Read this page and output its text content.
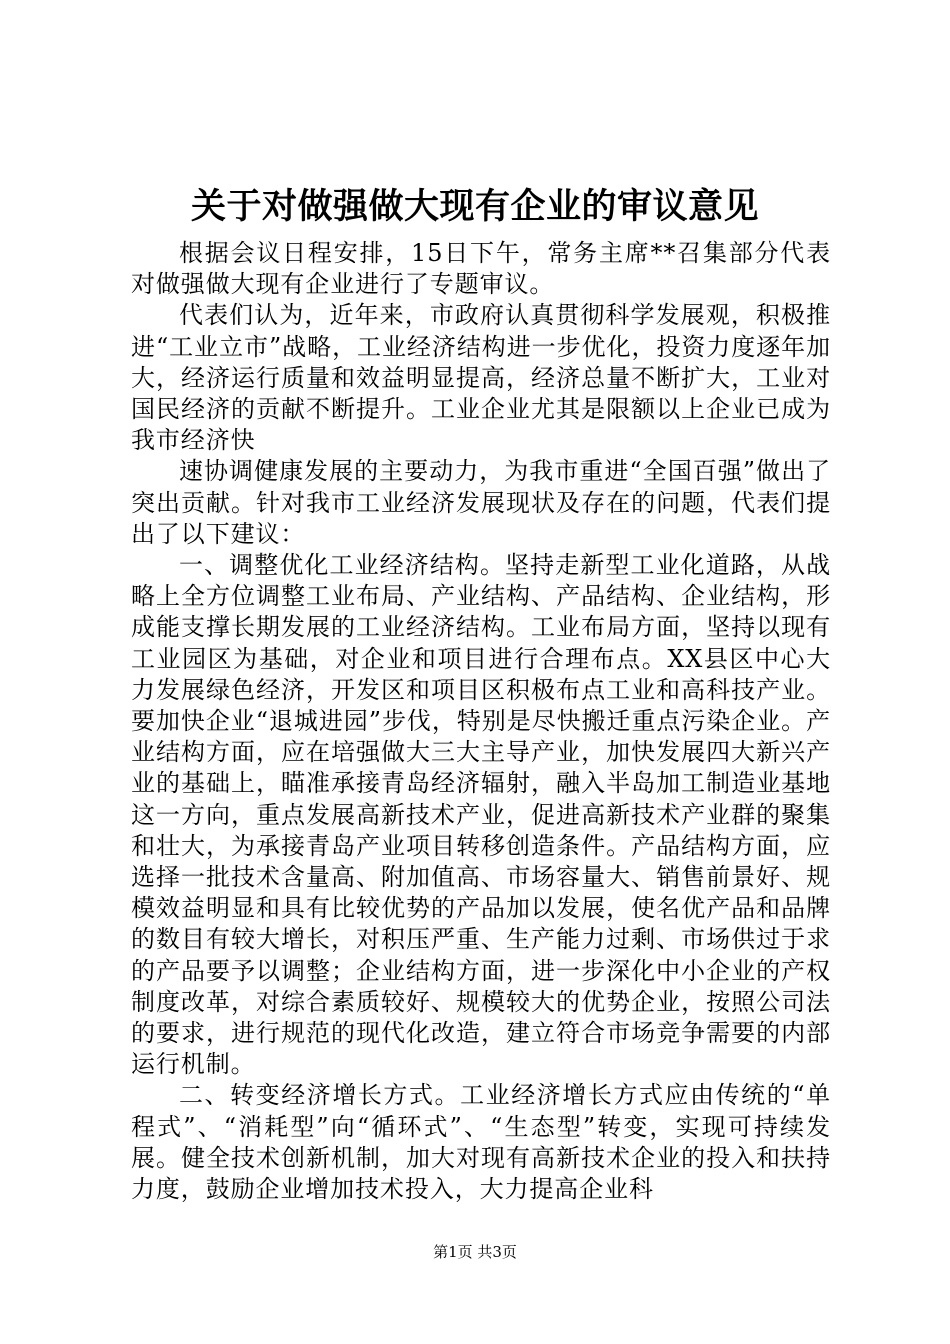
关于对做强做大现有企业的审议意见

根据会议日程安排，15日下午，常务主席**召集部分代表对做强做大现有企业进行了专题审议。

代表们认为，近年来，市政府认真贯彻科学发展观，积极推进“工业立市”战略，工业经济结构进一步优化，投资力度逐年加大，经济运行质量和效益明显提高，经济总量不断扩大，工业对国民经济的贡献不断提升。工业企业尤其是限额以上企业已成为我市经济快

速协调健康发展的主要动力，为我市重进“全国百强”做出了突出贡献。针对我市工业经济发展现状及存在的问题，代表们提出了以下建议：

一、调整优化工业经济结构。坚持走新型工业化道路，从战略上全方位调整工业布局、产业结构、产品结构、企业结构，形成能支撑长期发展的工业经济结构。工业布局方面，坚持以现有工业园区为基础，对企业和项目进行合理布点。XX县区中心大力发展绿色经济，开发区和项目区积极布点工业和高科技产业。要加快企业“退城进园”步伐，特别是尽快搬迁重点污染企业。产业结构方面，应在培强做大三大主导产业，加快发展四大新兴产业的基础上，瞄准承接青岛经济辐射，融入半岛加工制造业基地这一方向，重点发展高新技术产业，促进高新技术产业群的聚集和壮大，为承接青岛产业项目转移创造条件。产品结构方面，应选择一批技术含量高、附加值高、市场容量大、销售前景好、规模效益明显和具有比较优势的产品加以发展，使名优产品和品牌的数目有较大增长，对积压严重、生产能力过剩、市场供过于求的产品要予以调整；企业结构方面，进一步深化中小企业的产权制度改革，对综合素质较好、规模较大的优势企业，按照公司法的要求，进行规范的现代化改造，建立符合市场竞争需要的内部运行机制。

二、转变经济增长方式。工业经济增长方式应由传统的“单程式”、“消耗型”向“循环式”、“生态型”转变，实现可持续发展。健全技术创新机制，加大对现有高新技术企业的投入和扶持力度，鼓励企业增加技术投入，大力提高企业科

第1页 共3页
